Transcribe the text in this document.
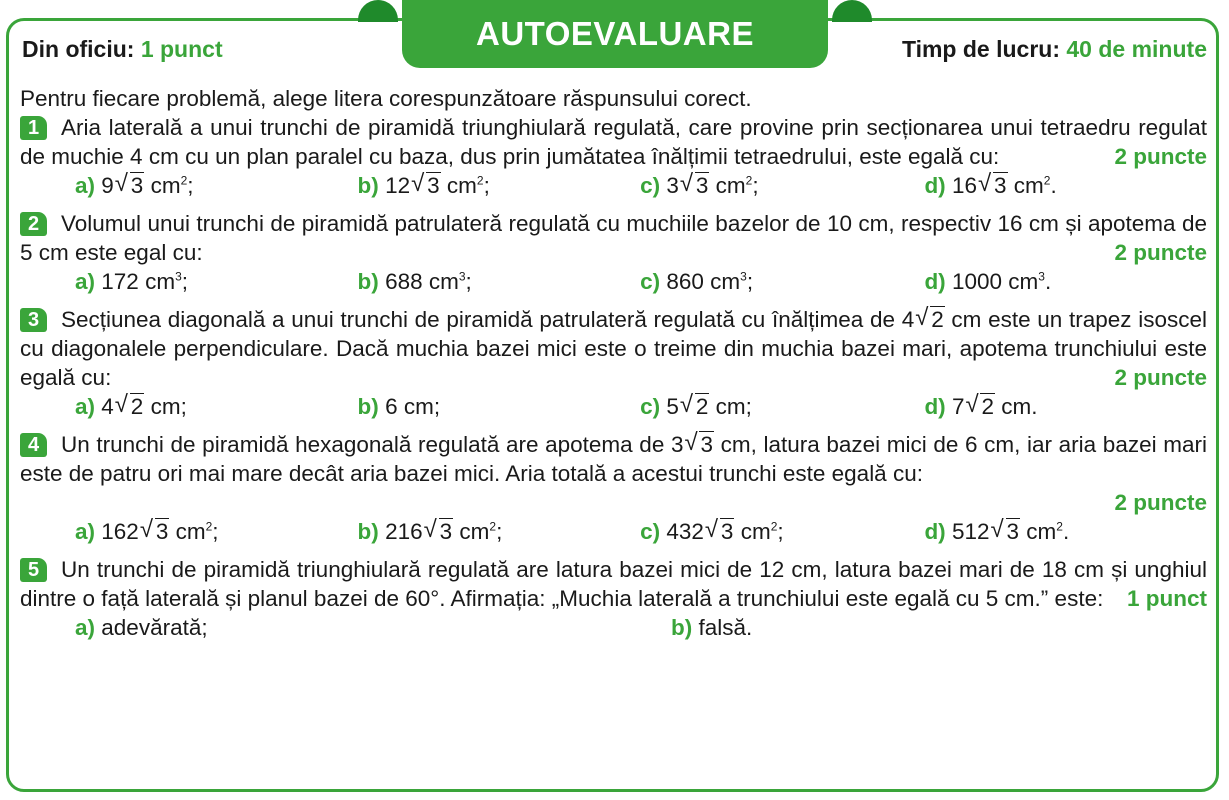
AUTOEVALUARE
Din oficiu: 1 punct	Timp de lucru: 40 de minute
Pentru fiecare problemă, alege litera corespunzătoare răspunsului corect.
1 Aria laterală a unui trunchi de piramidă triunghiulară regulată, care provine prin secționarea unui tetraedru regulat de muchie 4 cm cu un plan paralel cu baza, dus prin jumătatea înălțimii tetraedrului, este egală cu:	2 puncte
a) 9 √ 3 $cm^2$;	b) 12 √ 3 $cm^2$;	c) 3 √ 3 $cm^2$;	d) 16 √ 3 $cm^2$.
2 Volumul unui trunchi de piramidă patrulateră regulată cu muchiile bazelor de 10 cm, respectiv 16 cm și apotema de 5 cm este egal cu:	2 puncte
a) 172 $cm^3$;	b) 688 $cm^3$;	c) 860 $cm^3$;	d) 1000 $cm^3$.
3 Secțiunea diagonală a unui trunchi de piramidă patrulateră regulată cu înălțimea de 4 √ 2 cm este un trapez isoscel cu diagonalele perpendiculare. Dacă muchia bazei mici este o treime din muchia bazei mari, apotema trunchiului este egală cu:	2 puncte
a) 4 √ 2 cm;	b) 6 cm;	c) 5 √ 2 cm;	d) 7 √ 2 cm.
4 Un trunchi de piramidă hexagonală regulată are apotema de 3 √ 3 cm, latura bazei mici de 6 cm, iar aria bazei mari este de patru ori mai mare decât aria bazei mici. Aria totală a acestui trunchi este egală cu:
2 puncte
a) 162 √ 3 $cm^2$;	b) 216 √ 3 $cm^2$;	c) 432 √ 3 $cm^2$;	d) 512 √ 3 $cm^2$.
5 Un trunchi de piramidă triunghiulară regulată are latura bazei mici de 12 cm, latura bazei mari de 18 cm și unghiul dintre o față laterală și planul bazei de 60°. Afirmația: „Muchia laterală a trunchiului este egală cu 5 cm.” este:	1 punct
a) adevărată;	b) falsă.
